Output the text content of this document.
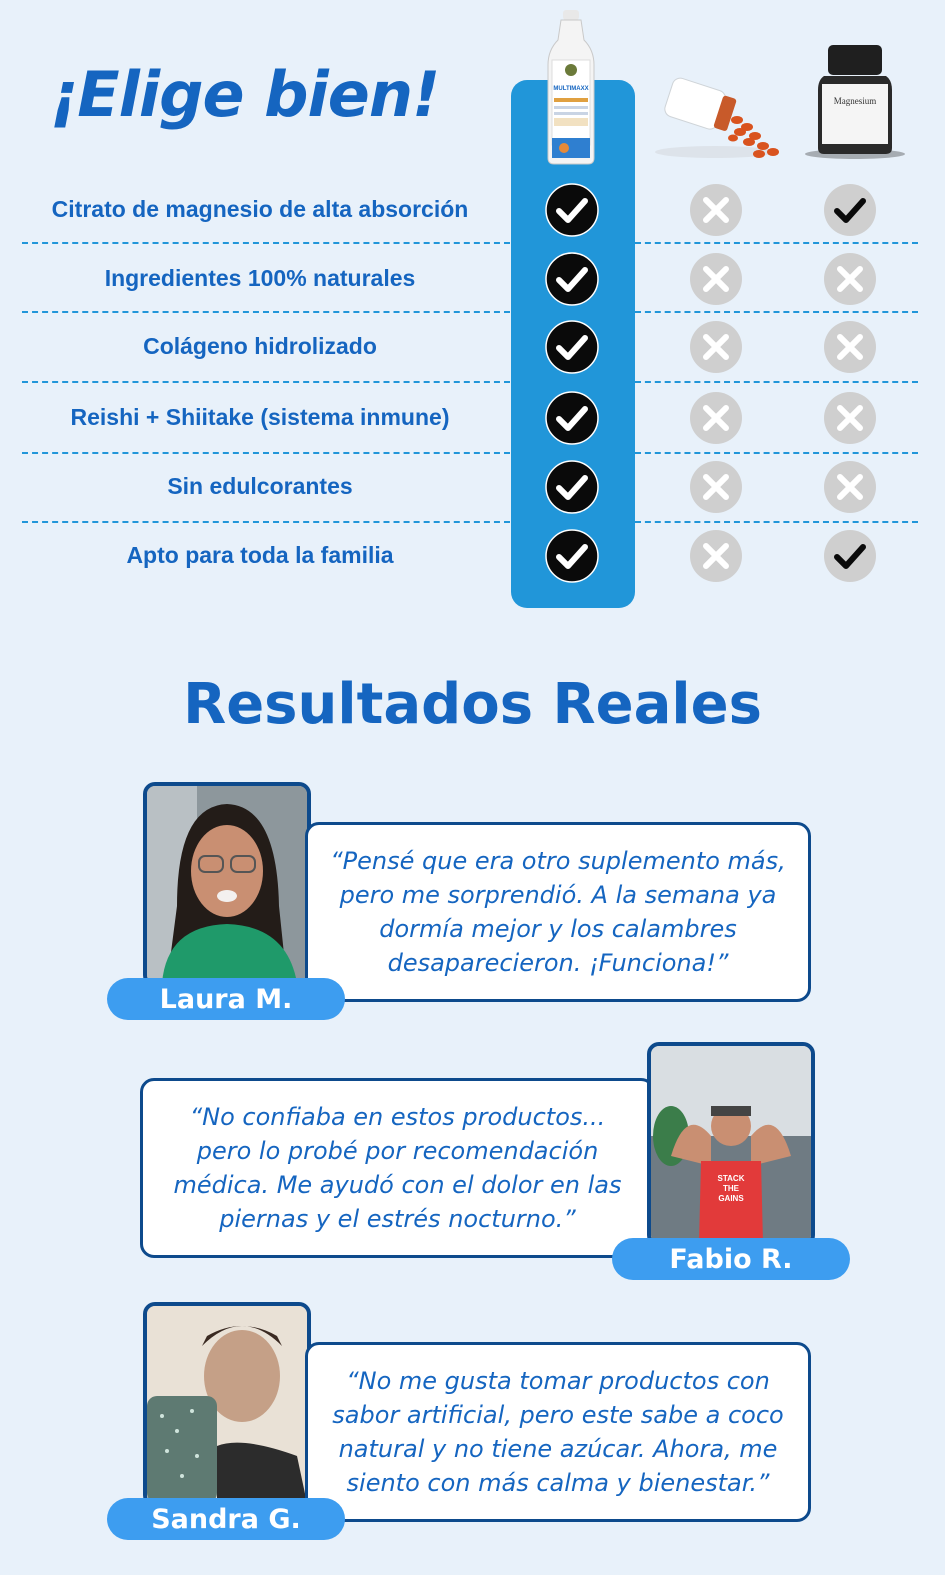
¡Elige bien!	MULTIMAXX
Magnesium
Citrato de magnesio de alta absorción
Ingredientes 100% naturales
Colágeno hidrolizado
Reishi + Shiitake (sistema inmune)
Sin edulcorantes
Apto para toda la familia
Resultados Reales
“Pensé que era otro suplemento más, pero me sorprendió. A la semana ya dormía mejor y los calambres desaparecieron. ¡Funciona!”
Laura M.
“No confiaba en estos productos... pero lo probé por recomendación médica. Me ayudó con el dolor en las piernas y el estrés nocturno.”
STACK
THE
GAINS
Fabio R.
“No me gusta tomar productos con sabor artificial, pero este sabe a coco natural y no tiene azúcar. Ahora, me siento con más calma y bienestar.”
Sandra G.
